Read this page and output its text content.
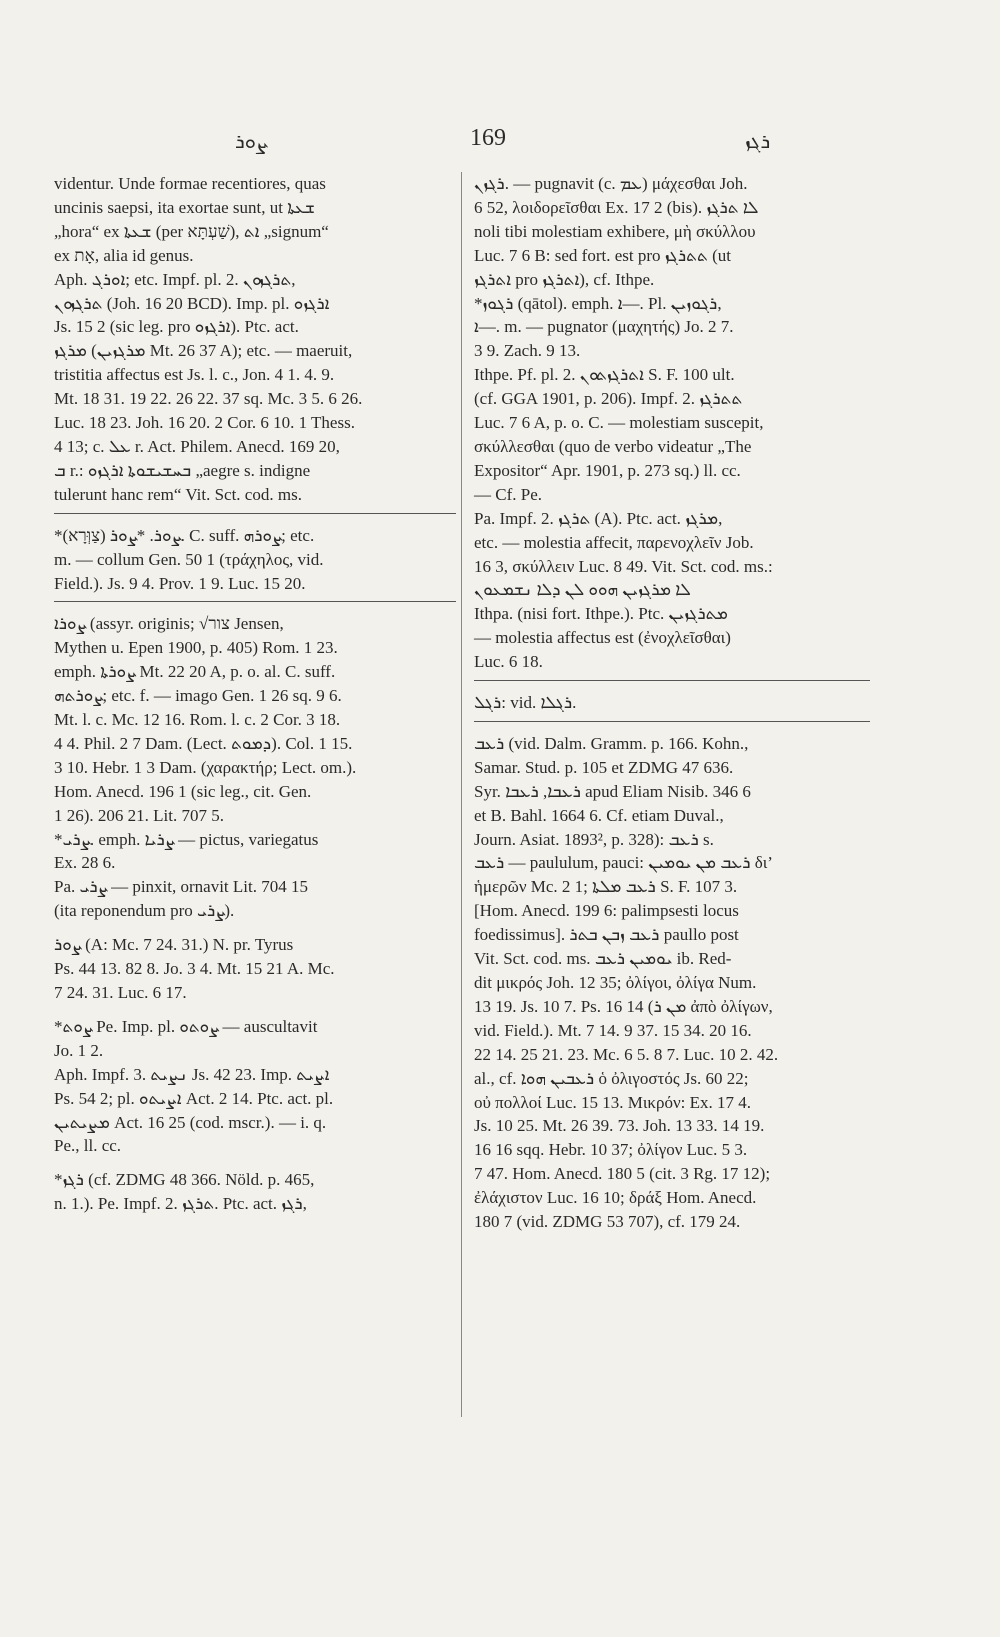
ܨܘܪ	169	ܪܓܙ

videntur. Unde formae recentiores, quas

uncinis saepsi, ita exortae sunt, ut ܫܥܬܐ

„hora“ ex ܫܥܬܐ (per שַׁעְתָּא), ܐܬ „signum“

ex אָת, alia id genus.

Aph. ܐܘܪܓ; etc. Impf. pl. 2. ܬܪܓܙܘܢ,

ܬܪܓܙܘܢ (Joh. 16 20 BCD). Imp. pl. ܐܪܓܙܘ

Js. 15 2 (sic leg. pro ܐܪܓܙܘ). Ptc. act.

ܡܪܓܙ (ܡܪܓܙܝܢ Mt. 26 37 A); etc. — maeruit,

tristitia affectus est Js. l. c., Jon. 4 1. 4. 9.

Mt. 18 31. 19 22. 26 22. 37 sq. Mc. 3 5. 6 26.

Luc. 18 23. Joh. 16 20. 2 Cor. 6 10. 1 Thess.

4 13; c. ܥܠ r. Act. Philem. Anecd. 169 20,

ܒ r.: ܒܚܫܝܫܘܬܐ ܐܪܓܙܘ „aegre s. indigne

tulerunt hanc rem“ Vit. Sct. cod. ms.

*ܨܘܪ. *ܨܘܪ (צַוְּרָא). C. suff. ܨܘܪܗ; etc.

m. — collum Gen. 50 1 (τράχηλος, vid.

Field.). Js. 9 4. Prov. 1 9. Luc. 15 20.

ܨܘܪܐ (assyr. originis; √צור Jensen,

Mythen u. Epen 1900, p. 405) Rom. 1 23.

emph. ܨܘܪܬܐ Mt. 22 20 A, p. o. al. C. suff.

ܨܘܪܬܗ; etc. f. — imago Gen. 1 26 sq. 9 6.

Mt. l. c. Mc. 12 16. Rom. l. c. 2 Cor. 3 18.

4 4. Phil. 2 7 Dam. (Lect. ܕܡܘܬ). Col. 1 15.

3 10. Hebr. 1 3 Dam. (χαρακτήρ; Lect. om.).

Hom. Anecd. 196 1 (sic leg., cit. Gen.

1 26). 206 21. Lit. 707 5.

*ܨܪܝ. emph. ܨܪܝܐ — pictus, variegatus

Ex. 28 6.

Pa. ܨܪܝ — pinxit, ornavit Lit. 704 15

(ita reponendum pro ܨܪܝ).

ܨܘܪ (A: Mc. 7 24. 31.) N. pr. Tyrus

Ps. 44 13. 82 8. Jo. 3 4. Mt. 15 21 A. Mc.

7 24. 31. Luc. 6 17.

*ܨܘܬ Pe. Imp. pl. ܨܘܬܘ — auscultavit

Jo. 1 2.

Aph. Impf. 3. ܢܨܝܬ Js. 42 23. Imp. ܐܨܝܬ

Ps. 54 2; pl. ܐܨܝܬܘ Act. 2 14. Ptc. act. pl.

ܡܨܝܬܝܢ Act. 16 25 (cod. mscr.). — i. q.

Pe., ll. cc.

*ܪܓܙ (cf. ZDMG 48 366. Nöld. p. 465,

n. 1.). Pe. Impf. 2. ܬܪܓܙ. Ptc. act. ܪܓܙ,

ܪܓܙܢ. — pugnavit (c. ܥܡ) μάχεσθαι Joh.

6 52, λοιδορεῖσθαι Ex. 17 2 (bis). ܠܐ ܬܪܓܙ

noli tibi molestiam exhibere, μὴ σκύλλου

Luc. 7 6 B: sed fort. est pro ܬܬܪܓܙ (ut

ܐܬܪܓܙ pro ܐܬܪܓܙ), cf. Ithpe.

*ܪܓܘܙ (qātol). emph. ܐ—. Pl. ܪܓܘܙܝܢ,

ܐ—. m. — pugnator (μαχητής) Jo. 2 7.

3 9. Zach. 9 13.

Ithpe. Pf. pl. 2. ܐܬܪܓܙܬܘܢ S. F. 100 ult.

(cf. GGA 1901, p. 206). Impf. 2. ܬܬܪܓܙ

Luc. 7 6 A, p. o. C. — molestiam suscepit,

σκύλλεσθαι (quo de verbo videatur „The

Expositor“ Apr. 1901, p. 273 sq.) ll. cc.

— Cf. Pe.

Pa. Impf. 2. ܬܪܓܙ (A). Ptc. act. ܡܪܓܙ,

etc. — molestia affecit, παρενοχλεῖν Job.

16 3, σκύλλειν Luc. 8 49. Vit. Sct. cod. ms.:

ܠܐ ܡܪܓܙܝܢ ܗܘܘ ܠܢ ܕܠܐ ܢܫܡܥܘܢ

Ithpa. (nisi fort. Ithpe.). Ptc. ܡܬܪܓܙܝܢ

— molestia affectus est (ἐνοχλεῖσθαι)

Luc. 6 18.

ܪܓܠ: vid. ܪܓܠܐ.

ܪܥܒ (vid. Dalm. Gramm. p. 166. Kohn.,

Samar. Stud. p. 105 et ZDMG 47 636.

Syr. ܪܥܒܐ, ܪܥܒܐ apud Eliam Nisib. 346 6

et B. Bahl. 1664 6. Cf. etiam Duval.,

Journ. Asiat. 1893², p. 328): ܪܥܒ s.

ܪܥܒ — paululum, pauci: ܪܥܒ ܡܢ ܝܘܡܝܢ δι’

ἡμερῶν Mc. 2 1; ܪܥܒ ܡܠܬܐ S. F. 107 3.

[Hom. Anecd. 199 6: palimpsesti locus

foedissimus]. ܪܥܒ ܙܒܢ ܒܬܪ paullo post

Vit. Sct. cod. ms. ܝܘܡܝܢ ܪܥܒ ib. Red-

dit μικρός Joh. 12 35; ὀλίγοι, ὀλίγα Num.

13 19. Js. 10 7. Ps. 16 14 (ܡܢ ܪ ἀπὸ ὀλίγων,

vid. Field.). Mt. 7 14. 9 37. 15 34. 20 16.

22 14. 25 21. 23. Mc. 6 5. 8 7. Luc. 10 2. 42.

al., cf. ܪܥܒܝܢ ܗܘܐ ὁ ὀλιγοστός Js. 60 22;

οὐ πολλοί Luc. 15 13. Μικρόν: Ex. 17 4.

Js. 10 25. Mt. 26 39. 73. Joh. 13 33. 14 19.

16 16 sqq. Hebr. 10 37; ὀλίγον Luc. 5 3.

7 47. Hom. Anecd. 180 5 (cit. 3 Rg. 17 12);

ἐλάχιστον Luc. 16 10; δράξ Hom. Anecd.

180 7 (vid. ZDMG 53 707), cf. 179 24.
